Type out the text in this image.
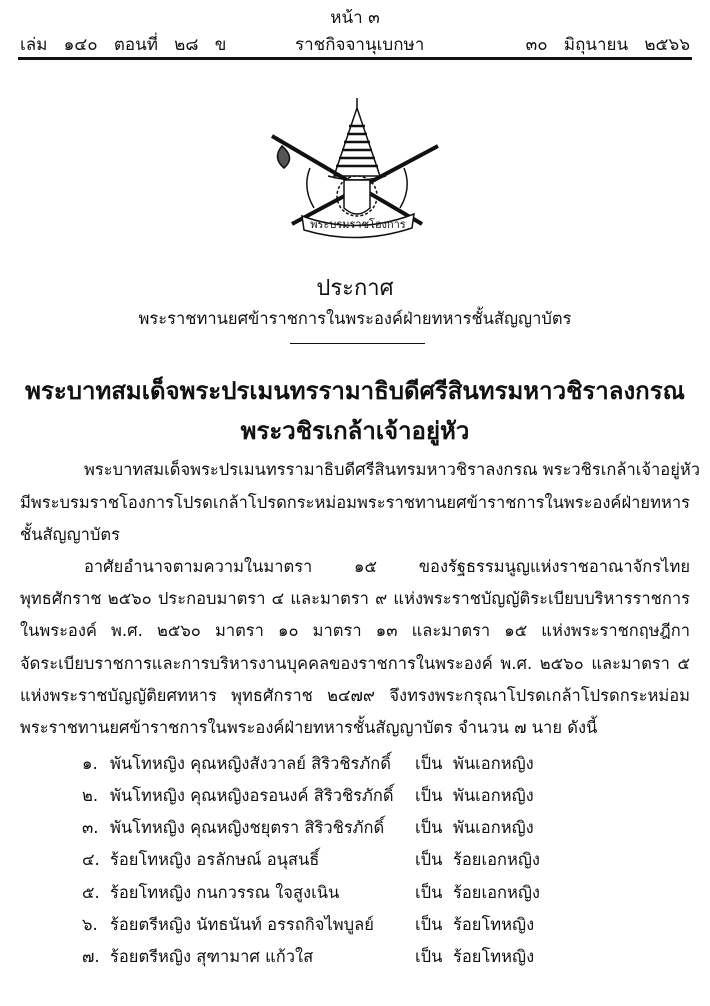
หน้า ๓
เล่ม   ๑๔๐   ตอนที่   ๒๘   ข	ราชกิจจานุเบกษา	๓๐   มิถุนายน   ๒๕๖๖
พระบรมราชโองการ
ประกาศ
พระราชทานยศข้าราชการในพระองค์ฝ่ายทหารชั้นสัญญาบัตร
พระบาทสมเด็จพระปรเมนทรรามาธิบดีศรีสินทรมหาวชิราลงกรณ
พระวชิรเกล้าเจ้าอยู่หัว
พระบาทสมเด็จพระปรเมนทรรามาธิบดีศรีสินทรมหาวชิราลงกรณ พระวชิรเกล้าเจ้าอยู่หัว
มีพระบรมราชโองการโปรดเกล้าโปรดกระหม่อมพระราชทานยศข้าราชการในพระองค์ฝ่ายทหาร
ชั้นสัญญาบัตร
อาศัยอำนาจตามความในมาตรา ๑๕ ของรัฐธรรมนูญแห่งราชอาณาจักรไทย
พุทธศักราช ๒๕๖๐ ประกอบมาตรา ๔ และมาตรา ๙ แห่งพระราชบัญญัติระเบียบบริหารราชการ
ในพระองค์ พ.ศ. ๒๕๖๐ มาตรา ๑๐ มาตรา ๑๓ และมาตรา ๑๕ แห่งพระราชกฤษฎีกา
จัดระเบียบราชการและการบริหารงานบุคคลของราชการในพระองค์ พ.ศ. ๒๕๖๐ และมาตรา ๕
แห่งพระราชบัญญัติยศทหาร พุทธศักราช ๒๔๗๙ จึงทรงพระกรุณาโปรดเกล้าโปรดกระหม่อม
พระราชทานยศข้าราชการในพระองค์ฝ่ายทหารชั้นสัญญาบัตร จำนวน ๗ นาย ดังนี้
๑. พันโทหญิง คุณหญิงสังวาลย์ สิริวชิรภักดิ์ เป็น พันเอกหญิง
๒. พันโทหญิง คุณหญิงอรอนงค์ สิริวชิรภักดิ์ เป็น พันเอกหญิง
๓. พันโทหญิง คุณหญิงชยุตรา สิริวชิรภักดิ์ เป็น พันเอกหญิง
๔. ร้อยโทหญิง อรลักษณ์ อนุสนธิ์	เป็น ร้อยเอกหญิง
๕. ร้อยโทหญิง กนกวรรณ ใจสูงเนิน	เป็น ร้อยเอกหญิง
๖. ร้อยตรีหญิง นัทธนันท์ อรรถกิจไพบูลย์ เป็น ร้อยโทหญิง
๗. ร้อยตรีหญิง สุฑามาศ แก้วใส	เป็น ร้อยโทหญิง
